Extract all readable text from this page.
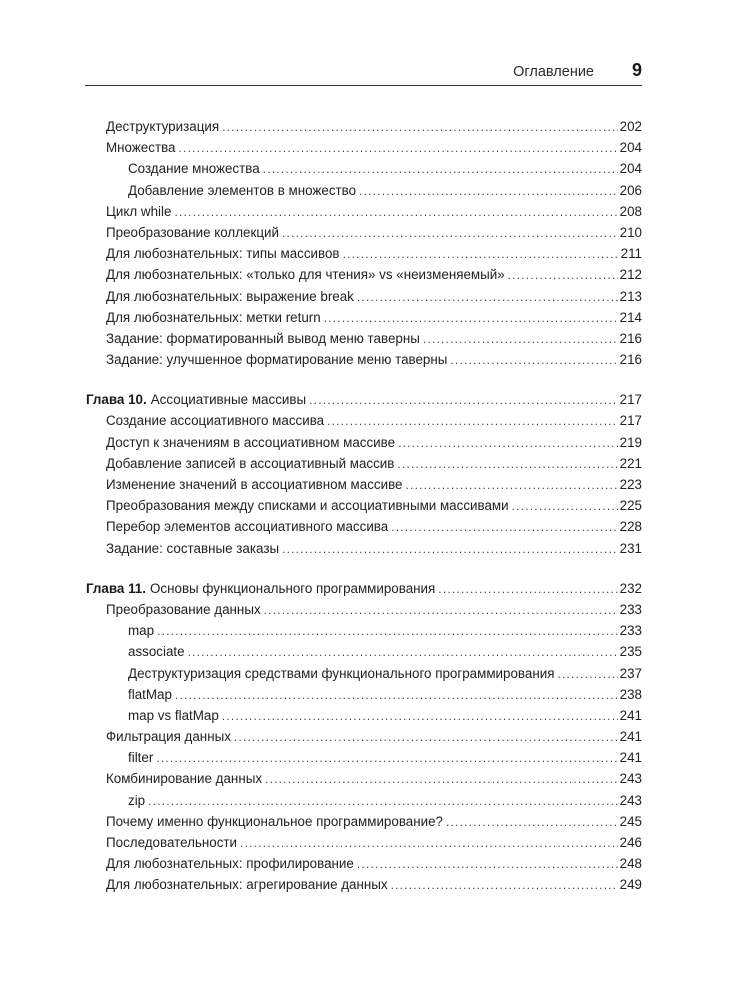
Оглавление 9
Деструктуризация .....	202
Множества .....	204
Создание множества .....	204
Добавление элементов в множество .....	206
Цикл while .....	208
Преобразование коллекций .....	210
Для любознательных: типы массивов .....	211
Для любознательных: «только для чтения» vs «неизменяемый» .....	212
Для любознательных: выражение break .....	213
Для любознательных: метки return .....	214
Задание: форматированный вывод меню таверны .....	216
Задание: улучшенное форматирование меню таверны .....	216
Глава 10. Ассоциативные массивы .....	217
Создание ассоциативного массива .....	217
Доступ к значениям в ассоциативном массиве .....	219
Добавление записей в ассоциативный массив .....	221
Изменение значений в ассоциативном массиве .....	223
Преобразования между списками и ассоциативными массивами .....	225
Перебор элементов ассоциативного массива .....	228
Задание: составные заказы .....	231
Глава 11. Основы функционального программирования .....	232
Преобразование данных .....	233
map .....	233
associate .....	235
Деструктуризация средствами функционального программирования .....	237
flatMap .....	238
map vs flatMap .....	241
Фильтрация данных .....	241
filter .....	241
Комбинирование данных .....	243
zip .....	243
Почему именно функциональное программирование? .....	245
Последовательности .....	246
Для любознательных: профилирование .....	248
Для любознательных: агрегирование данных .....	249
